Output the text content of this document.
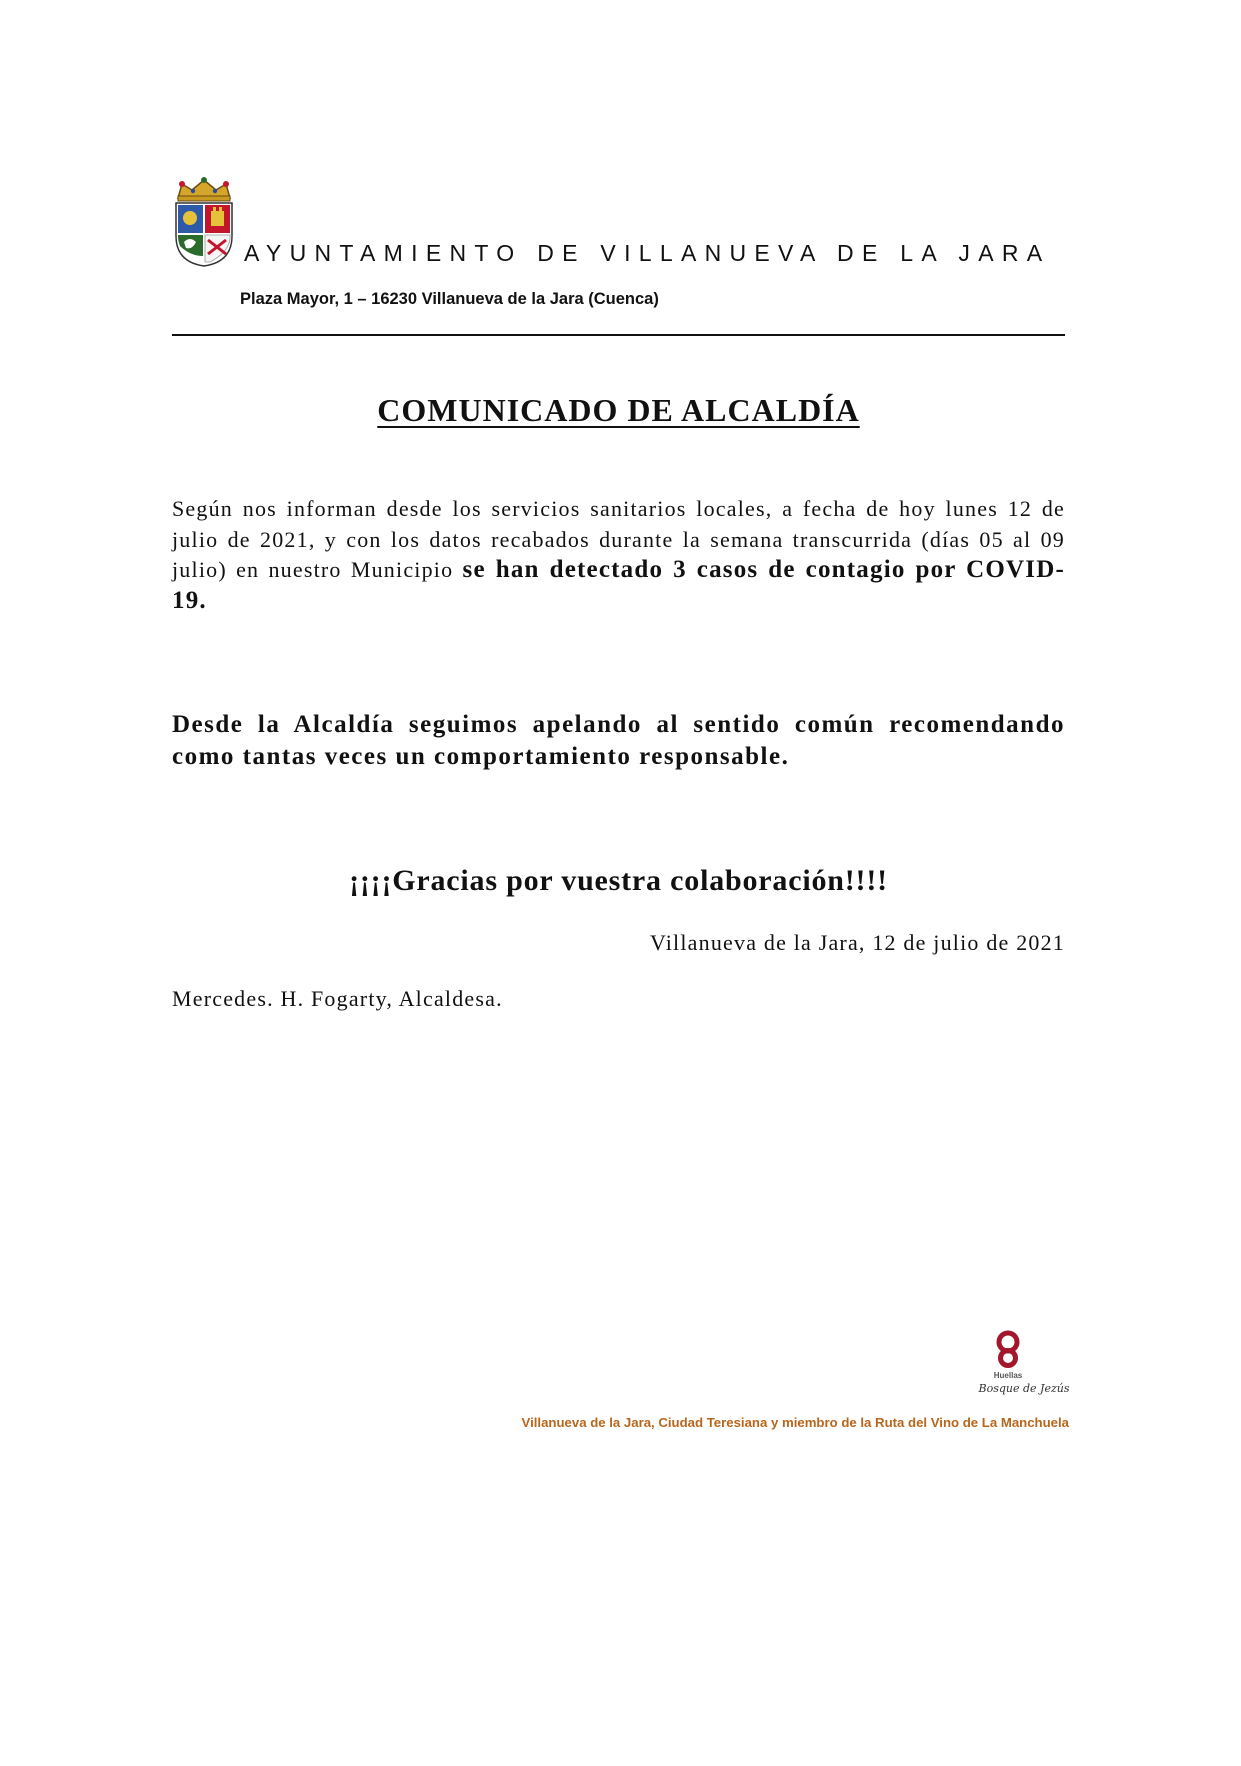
AYUNTAMIENTO DE VILLANUEVA DE LA JARA
Plaza Mayor, 1 – 16230 Villanueva de la Jara (Cuenca)
COMUNICADO DE ALCALDÍA

Según nos informan desde los servicios sanitarios locales, a fecha de hoy lunes 12 de julio de 2021, y con los datos recabados durante la semana transcurrida (días 05 al 09 julio) en nuestro Municipio se han detectado 3 casos de contagio por COVID-19.

Desde la Alcaldía seguimos apelando al sentido común recomendando como tantas veces un comportamiento responsable.

¡¡¡¡Gracias por vuestra colaboración!!!!
Villanueva de la Jara, 12 de julio de 2021
Mercedes. H. Fogarty, Alcaldesa.
Huellas
Bosque de Jezús
Villanueva de la Jara, Ciudad Teresiana y miembro de la Ruta del Vino de La Manchuela
